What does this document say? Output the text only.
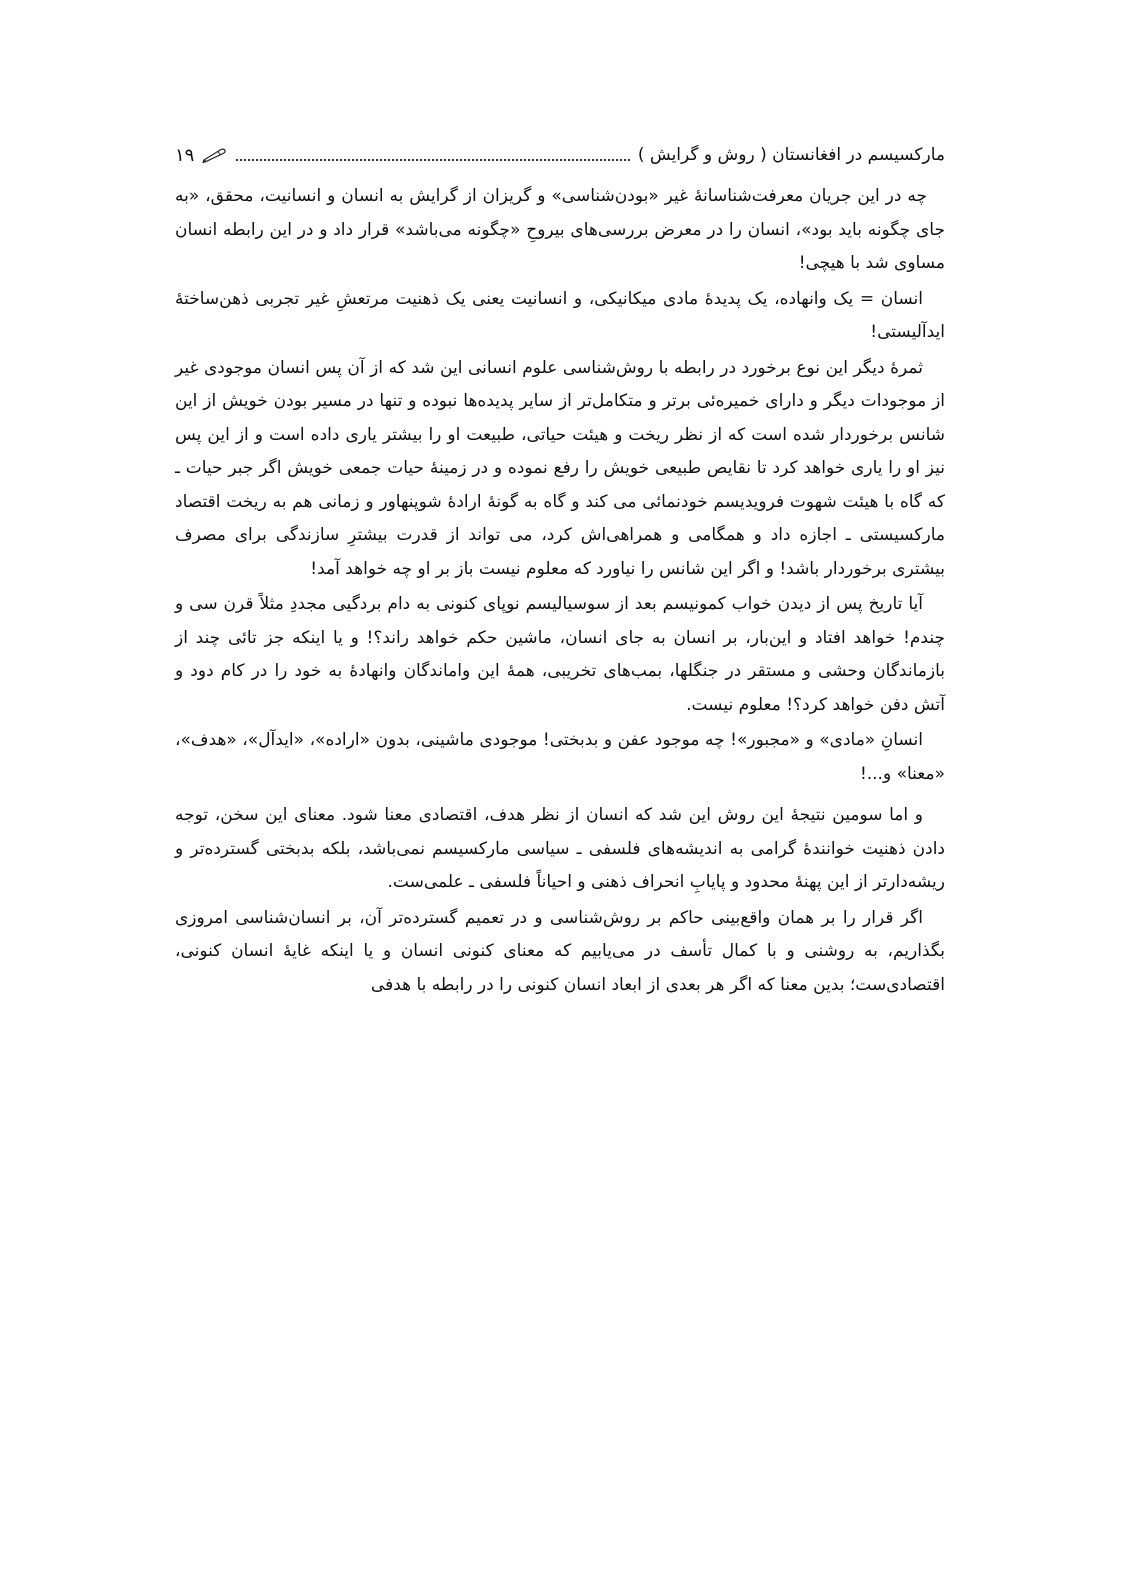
مارکسیسم در افغانستان ( روش و گرایش )
۱۹

چه در این جریان معرفت‌شناسانهٔ غیر «بودن‌شناسی» و گریزان از گرایش به انسان و انسانیت، محقق، «به جای چگونه باید بود»، انسان را در معرض بررسی‌های بیروحِ «چگونه می‌باشد» قرار داد و در این رابطه انسان مساوی شد با هیچی!

انسان = یک وانهاده، یک پدیدهٔ مادی میکانیکی، و انسانیت یعنی یک ذهنیت مرتعشِ غیر تجربی ذهن‌ساختهٔ ایدآلیستی!

ثمرهٔ دیگر این نوع برخورد در رابطه با روش‌شناسی علوم انسانی این شد که از آن پس انسان موجودی غیر از موجودات دیگر و دارای خمیره‌ئی برتر و متکامل‌تر از سایر پدیده‌ها نبوده و تنها در مسیر بودن خویش از این شانس برخوردار شده است که از نظر ریخت و هیئت حیاتی، طبیعت او را بیشتر یاری داده است و از این پس نیز او را یاری خواهد کرد تا نقایص طبیعی خویش را رفع نموده و در زمینهٔ حیات جمعی خویش اگر جبر حیات ـ که گاه با هیئت شهوت فرویدیسم خودنمائی می کند و گاه به گونهٔ ارادهٔ شوپنهاور و زمانی هم به ریخت اقتصاد مارکسیستی ـ اجازه داد و همگامی و همراهی‌اش کرد، می تواند از قدرت بیشترِ سازندگی برای مصرف بیشتری برخوردار باشد! و اگر این شانس را نیاورد که معلوم نیست باز بر او چه خواهد آمد!

آیا تاریخ پس از دیدن خواب کمونیسم بعد از سوسیالیسم نوپای کنونی به دام بردگیی مجددِ مثلاً قرن سی و چندم! خواهد افتاد و این‌بار، بر انسان به جای انسان، ماشین حکم خواهد راند؟! و یا اینکه جز تائی چند از بازماندگان وحشی و مستقر در جنگلها، بمب‌های تخریبی، همهٔ این واماندگان وانهادهٔ به خود را در کام دود و آتش دفن خواهد کرد؟! معلوم نیست.

انسانِ «مادی» و «مجبور»! چه موجود عفن و بدبختی! موجودی ماشینی، بدون «اراده»، «ایدآل»، «هدف»، «معنا» و...!

و اما سومین نتیجهٔ این روش این شد که انسان از نظر هدف، اقتصادی معنا شود. معنای این سخن، توجه دادن ذهنیت خوانندهٔ گرامی به اندیشه‌های فلسفی ـ سیاسی مارکسیسم نمی‌باشد، بلکه بدبختی گسترده‌تر و ریشه‌دارتر از این پهنهٔ محدود و پایابِ انحراف ذهنی و احیاناً فلسفی ـ علمی‌ست.

اگر قرار را بر همان واقع‌بینی حاکم بر روش‌شناسی و در تعمیم گسترده‌تر آن، بر انسان‌شناسی امروزی بگذاریم، به روشنی و با کمال تأسف در می‌یابیم که معنای کنونی انسان و یا اینکه غایهٔ انسان کنونی، اقتصادی‌ست؛ بدین معنا که اگر هر بعدی از ابعاد انسان کنونی را در رابطه با هدفی
